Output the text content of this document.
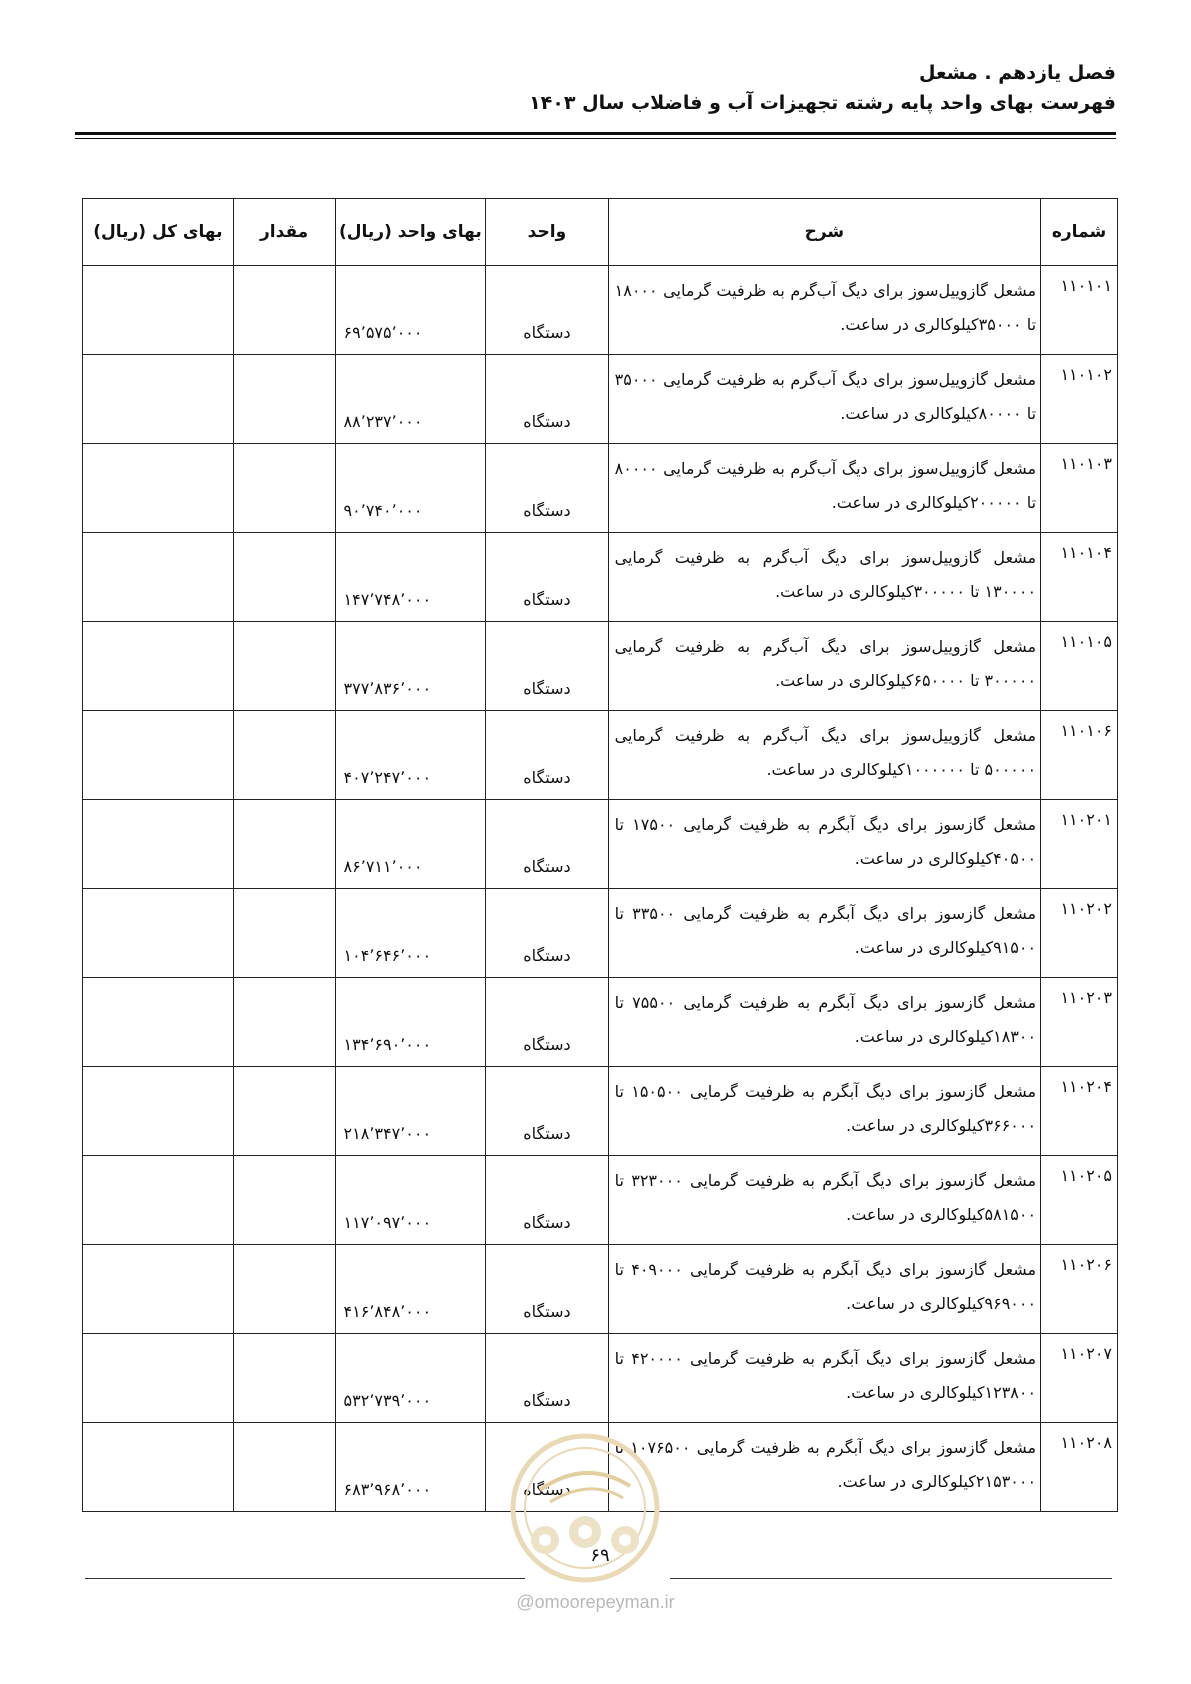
فصل یازدهم . مشعل
فهرست بهای واحد پایه رشته تجهیزات آب و فاضلاب سال ۱۴۰۳
شماره	شرح	واحد	بهای واحد (ریال)	مقدار	بهای کل (ریال)
۱۱۰۱۰۱	مشعل گازوییل‌سوز برای دیگ آب‌گرم به ظرفیت گرمایی ۱۸۰۰۰ تا ۳۵۰۰۰کیلوکالری در ساعت.	دستگاه	۶۹٬۵۷۵٬۰۰۰		
۱۱۰۱۰۲	مشعل گازوییل‌سوز برای دیگ آب‌گرم به ظرفیت گرمایی ۳۵۰۰۰ تا ۸۰۰۰۰کیلوکالری در ساعت.	دستگاه	۸۸٬۲۳۷٬۰۰۰		
۱۱۰۱۰۳	مشعل گازوییل‌سوز برای دیگ آب‌گرم به ظرفیت گرمایی ۸۰۰۰۰ تا ۲۰۰۰۰۰کیلوکالری در ساعت.	دستگاه	۹۰٬۷۴۰٬۰۰۰		
۱۱۰۱۰۴	مشعل گازوییل‌سوز برای دیگ آب‌گرم به ظرفیت گرمایی ۱۳۰۰۰۰ تا ۳۰۰۰۰۰کیلوکالری در ساعت.	دستگاه	۱۴۷٬۷۴۸٬۰۰۰		
۱۱۰۱۰۵	مشعل گازوییل‌سوز برای دیگ آب‌گرم به ظرفیت گرمایی ۳۰۰۰۰۰ تا ۶۵۰۰۰۰کیلوکالری در ساعت.	دستگاه	۳۷۷٬۸۳۶٬۰۰۰		
۱۱۰۱۰۶	مشعل گازوییل‌سوز برای دیگ آب‌گرم به ظرفیت گرمایی ۵۰۰۰۰۰ تا ۱۰۰۰۰۰۰کیلوکالری در ساعت.	دستگاه	۴۰۷٬۲۴۷٬۰۰۰		
۱۱۰۲۰۱	مشعل گازسوز برای دیگ آبگرم به ظرفیت گرمایی ۱۷۵۰۰ تا ۴۰۵۰۰کیلوکالری در ساعت.	دستگاه	۸۶٬۷۱۱٬۰۰۰		
۱۱۰۲۰۲	مشعل گازسوز برای دیگ آبگرم به ظرفیت گرمایی ۳۳۵۰۰ تا ۹۱۵۰۰کیلوکالری در ساعت.	دستگاه	۱۰۴٬۶۴۶٬۰۰۰		
۱۱۰۲۰۳	مشعل گازسوز برای دیگ آبگرم به ظرفیت گرمایی ۷۵۵۰۰ تا ۱۸۳۰۰کیلوکالری در ساعت.	دستگاه	۱۳۴٬۶۹۰٬۰۰۰		
۱۱۰۲۰۴	مشعل گازسوز برای دیگ آبگرم به ظرفیت گرمایی ۱۵۰۵۰۰ تا ۳۶۶۰۰۰کیلوکالری در ساعت.	دستگاه	۲۱۸٬۳۴۷٬۰۰۰		
۱۱۰۲۰۵	مشعل گازسوز برای دیگ آبگرم به ظرفیت گرمایی ۳۲۳۰۰۰ تا ۵۸۱۵۰۰کیلوکالری در ساعت.	دستگاه	۱۱۷٬۰۹۷٬۰۰۰		
۱۱۰۲۰۶	مشعل گازسوز برای دیگ آبگرم به ظرفیت گرمایی ۴۰۹۰۰۰ تا ۹۶۹۰۰۰کیلوکالری در ساعت.	دستگاه	۴۱۶٬۸۴۸٬۰۰۰		
۱۱۰۲۰۷	مشعل گازسوز برای دیگ آبگرم به ظرفیت گرمایی ۴۲۰۰۰۰ تا ۱۲۳۸۰۰کیلوکالری در ساعت.	دستگاه	۵۳۲٬۷۳۹٬۰۰۰		
۱۱۰۲۰۸	مشعل گازسوز برای دیگ آبگرم به ظرفیت گرمایی ۱۰۷۶۵۰۰ تا ۲۱۵۳۰۰۰کیلوکالری در ساعت.	دستگاه	۶۸۳٬۹۶۸٬۰۰۰		
۶۹
@omoorepeyman.ir
